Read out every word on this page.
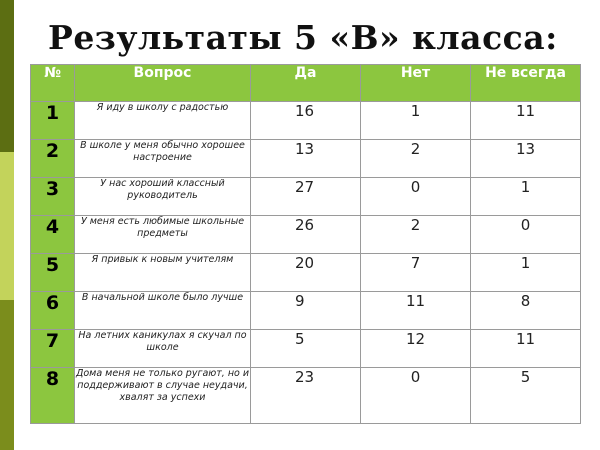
Результаты 5 «В» класса:
№	Вопрос	Да	Нет	Не всегда
1	Я иду в школу с радостью	16	1	11
2	В школе у меня обычно хорошее настроение	13	2	13
3	У нас хороший классный руководитель	27	0	1
4	У меня есть любимые школьные предметы	26	2	0
5	Я привык к новым учителям	20	7	1
6	В начальной школе было лучше	9	11	8
7	На летних каникулах я скучал по школе	5	12	11
8	Дома меня не только ругают, но и поддерживают в случае неудачи, хвалят за успехи	23	0	5
